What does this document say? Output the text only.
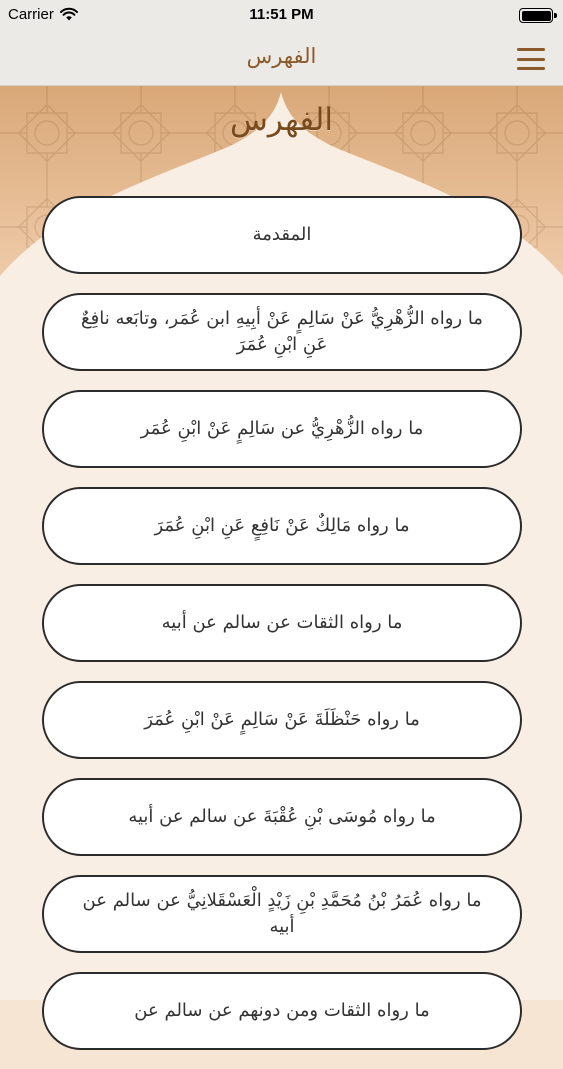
Carrier	11:51 PM
الفهرس
الفهرس
المقدمة
ما رواه الزُّهْرِيُّ عَنْ سَالِمٍ عَنْ أبِيهِ ابن عُمَر، وتابَعه نافِعٌ عَنِ ابْنِ عُمَرَ
ما رواه الزُّهْرِيُّ عن سَالِمٍ عَنْ ابْنِ عُمَر
ما رواه مَالِكٌ عَنْ نَافِعٍ عَنِ ابْنِ عُمَرَ
ما رواه الثقات عن سالم عن أبيه
ما رواه حَنْظَلَةَ عَنْ سَالِمٍ عَنْ ابْنِ عُمَرَ
ما رواه مُوسَى بْنِ عُقْبَةَ عن سالم عن أبيه
ما رواه عُمَرُ بْنُ مُحَمَّدِ بْنِ زَيْدٍ الْعَسْقَلانِيُّ عن سالم عن أبيه
ما رواه الثقات ومن دونهم عن سالم عن
